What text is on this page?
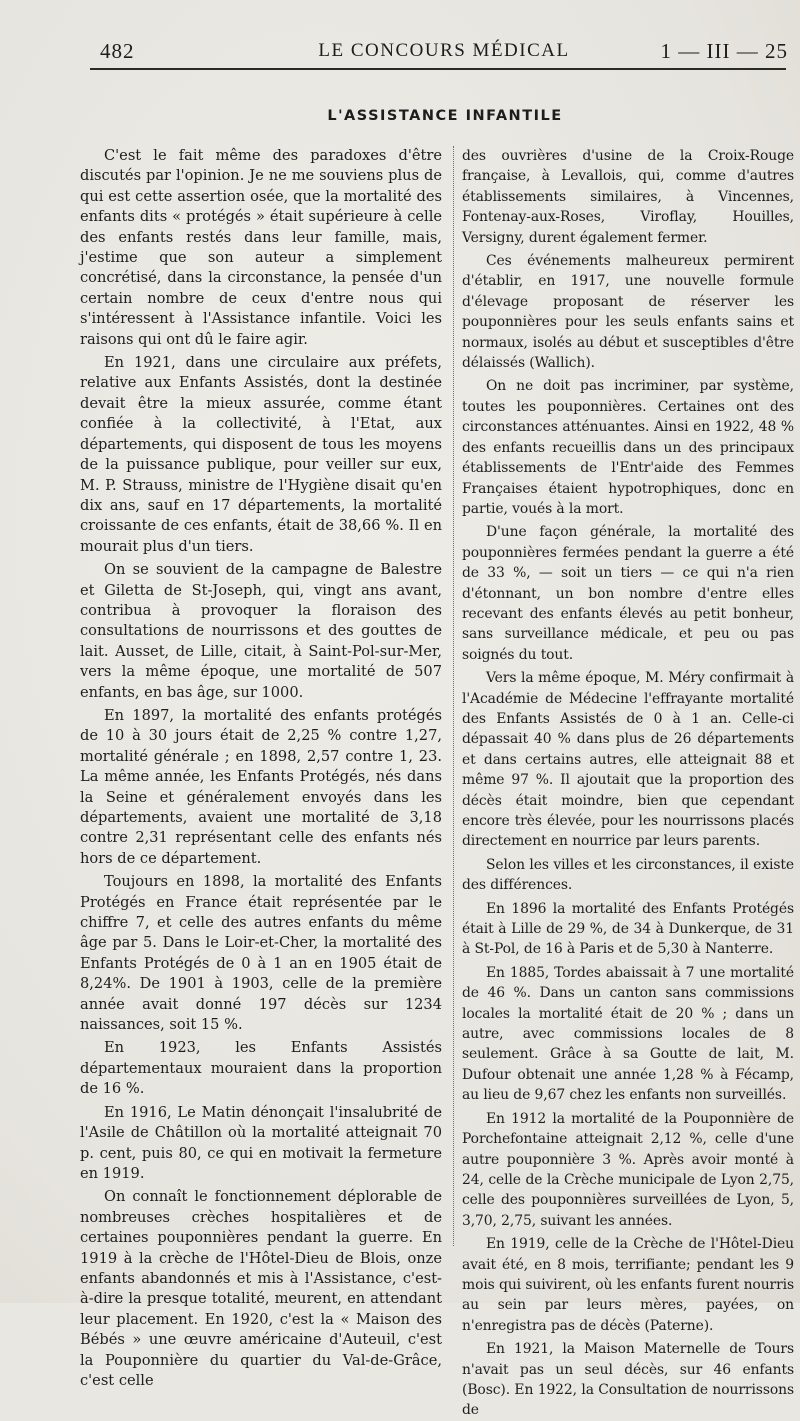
482	LE CONCOURS MÉDICAL	1 — III — 25
L'ASSISTANCE INFANTILE

C'est le fait même des paradoxes d'être discutés par l'opinion. Je ne me souviens plus de qui est cette assertion osée, que la mortalité des enfants dits « protégés » était supérieure à celle des enfants restés dans leur famille, mais, j'estime que son auteur a simplement concrétisé, dans la circonstance, la pensée d'un certain nombre de ceux d'entre nous qui s'intéressent à l'Assistance infantile. Voici les raisons qui ont dû le faire agir.

En 1921, dans une circulaire aux préfets, relative aux Enfants Assistés, dont la destinée devait être la mieux assurée, comme étant confiée à la collectivité, à l'Etat, aux départements, qui disposent de tous les moyens de la puissance publique, pour veiller sur eux, M. P. Strauss, ministre de l'Hygiène disait qu'en dix ans, sauf en 17 départements, la mortalité croissante de ces enfants, était de 38,66 %. Il en mourait plus d'un tiers.

On se souvient de la campagne de Balestre et Giletta de St-Joseph, qui, vingt ans avant, contribua à provoquer la floraison des consultations de nourrissons et des gouttes de lait. Ausset, de Lille, citait, à Saint-Pol-sur-Mer, vers la même époque, une mortalité de 507 enfants, en bas âge, sur 1000.

En 1897, la mortalité des enfants protégés de 10 à 30 jours était de 2,25 % contre 1,27, mortalité générale ; en 1898, 2,57 contre 1, 23. La même année, les Enfants Protégés, nés dans la Seine et généralement envoyés dans les départements, avaient une mortalité de 3,18 contre 2,31 représentant celle des enfants nés hors de ce département.

Toujours en 1898, la mortalité des Enfants Protégés en France était représentée par le chiffre 7, et celle des autres enfants du même âge par 5. Dans le Loir-et-Cher, la mortalité des Enfants Protégés de 0 à 1 an en 1905 était de 8,24%. De 1901 à 1903, celle de la première année avait donné 197 décès sur 1234 naissances, soit 15 %.

En 1923, les Enfants Assistés départementaux mouraient dans la proportion de 16 %.

En 1916, Le Matin dénonçait l'insalubrité de l'Asile de Châtillon où la mortalité atteignait 70 p. cent, puis 80, ce qui en motivait la fermeture en 1919.

On connaît le fonctionnement déplorable de nombreuses crèches hospitalières et de certaines pouponnières pendant la guerre. En 1919 à la crèche de l'Hôtel-Dieu de Blois, onze enfants abandonnés et mis à l'Assistance, c'est-à-dire la presque totalité, meurent, en attendant leur placement. En 1920, c'est la « Maison des Bébés » une œuvre américaine d'Auteuil, c'est la Pouponnière du quartier du Val-de-Grâce, c'est celle

des ouvrières d'usine de la Croix-Rouge française, à Levallois, qui, comme d'autres établissements similaires, à Vincennes, Fontenay-aux-Roses, Viroflay, Houilles, Versigny, durent également fermer.

Ces événements malheureux permirent d'établir, en 1917, une nouvelle formule d'élevage proposant de réserver les pouponnières pour les seuls enfants sains et normaux, isolés au début et susceptibles d'être délaissés (Wallich).

On ne doit pas incriminer, par système, toutes les pouponnières. Certaines ont des circonstances atténuantes. Ainsi en 1922, 48 % des enfants recueillis dans un des principaux établissements de l'Entr'aide des Femmes Françaises étaient hypotrophiques, donc en partie, voués à la mort.

D'une façon générale, la mortalité des pouponnières fermées pendant la guerre a été de 33 %, — soit un tiers — ce qui n'a rien d'étonnant, un bon nombre d'entre elles recevant des enfants élevés au petit bonheur, sans surveillance médicale, et peu ou pas soignés du tout.

Vers la même époque, M. Méry confirmait à l'Académie de Médecine l'effrayante mortalité des Enfants Assistés de 0 à 1 an. Celle-ci dépassait 40 % dans plus de 26 départements et dans certains autres, elle atteignait 88 et même 97 %. Il ajoutait que la proportion des décès était moindre, bien que cependant encore très élevée, pour les nourrissons placés directement en nourrice par leurs parents.

Selon les villes et les circonstances, il existe des différences.

En 1896 la mortalité des Enfants Protégés était à Lille de 29 %, de 34 à Dunkerque, de 31 à St-Pol, de 16 à Paris et de 5,30 à Nanterre.

En 1885, Tordes abaissait à 7 une mortalité de 46 %. Dans un canton sans commissions locales la mortalité était de 20 % ; dans un autre, avec commissions locales de 8 seulement. Grâce à sa Goutte de lait, M. Dufour obtenait une année 1,28 % à Fécamp, au lieu de 9,67 chez les enfants non surveillés.

En 1912 la mortalité de la Pouponnière de Porchefontaine atteignait 2,12 %, celle d'une autre pouponnière 3 %. Après avoir monté à 24, celle de la Crèche municipale de Lyon 2,75, celle des pouponnières surveillées de Lyon, 5, 3,70, 2,75, suivant les années.

En 1919, celle de la Crèche de l'Hôtel-Dieu avait été, en 8 mois, terrifiante; pendant les 9 mois qui suivirent, où les enfants furent nourris au sein par leurs mères, payées, on n'enregistra pas de décès (Paterne).

En 1921, la Maison Maternelle de Tours n'avait pas un seul décès, sur 46 enfants (Bosc). En 1922, la Consultation de nourrissons de
